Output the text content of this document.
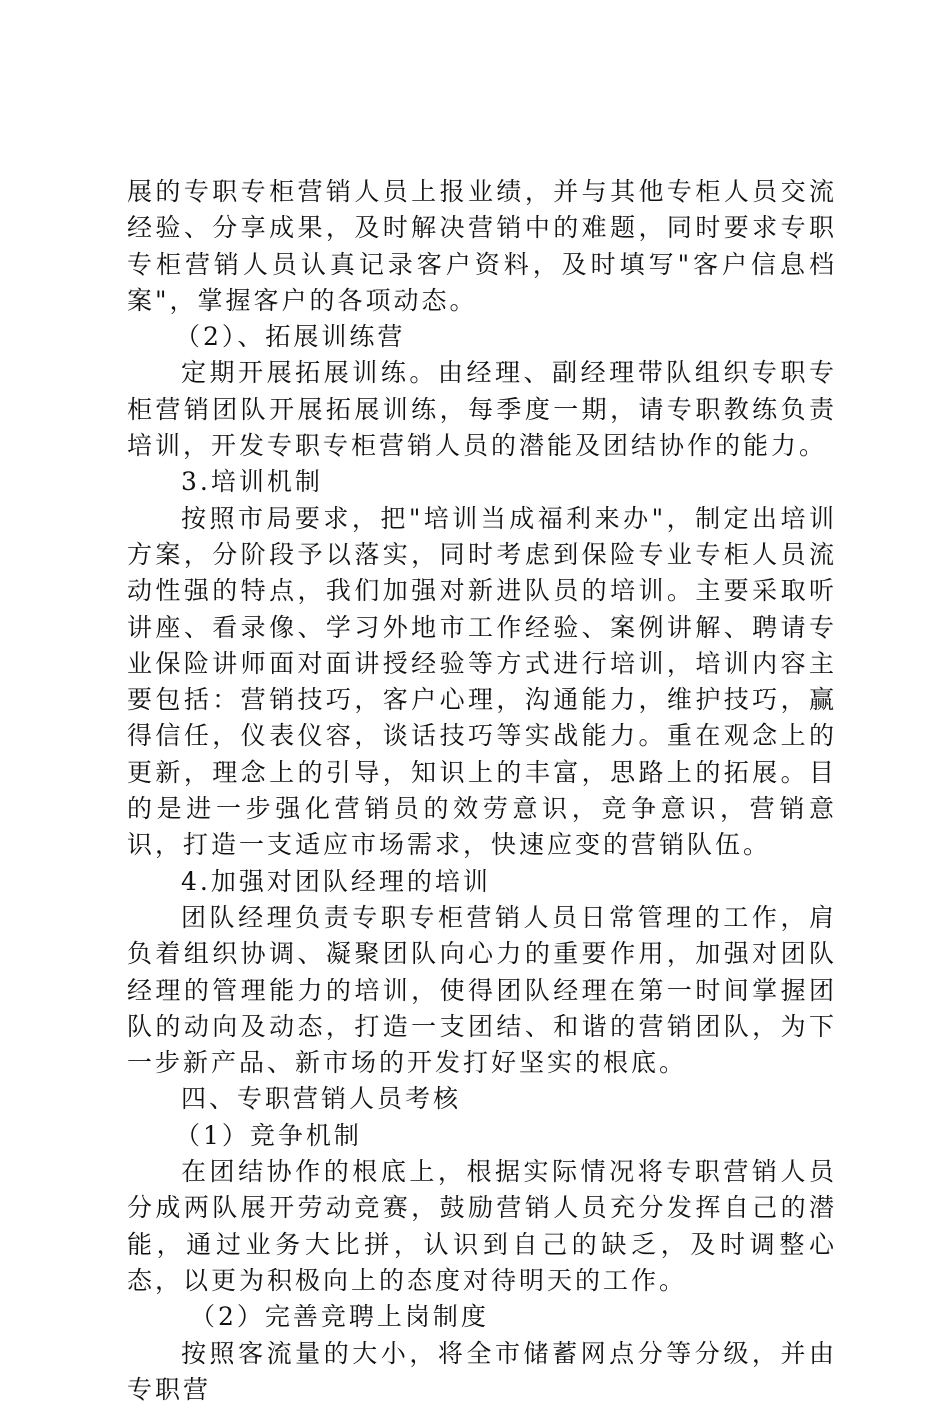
展的专职专柜营销人员上报业绩，并与其他专柜人员交流经验、分享成果，及时解决营销中的难题，同时要求专职专柜营销人员认真记录客户资料，及时填写"客户信息档案"，掌握客户的各项动态。

（2）、拓展训练营

定期开展拓展训练。由经理、副经理带队组织专职专柜营销团队开展拓展训练，每季度一期，请专职教练负责培训，开发专职专柜营销人员的潜能及团结协作的能力。

3.培训机制

按照市局要求，把"培训当成福利来办"，制定出培训方案，分阶段予以落实，同时考虑到保险专业专柜人员流动性强的特点，我们加强对新进队员的培训。主要采取听讲座、看录像、学习外地市工作经验、案例讲解、聘请专业保险讲师面对面讲授经验等方式进行培训，培训内容主要包括：营销技巧，客户心理，沟通能力，维护技巧，赢得信任，仪表仪容，谈话技巧等实战能力。重在观念上的更新，理念上的引导，知识上的丰富，思路上的拓展。目的是进一步强化营销员的效劳意识，竞争意识，营销意识，打造一支适应市场需求，快速应变的营销队伍。

4.加强对团队经理的培训

团队经理负责专职专柜营销人员日常管理的工作，肩负着组织协调、凝聚团队向心力的重要作用，加强对团队经理的管理能力的培训，使得团队经理在第一时间掌握团队的动向及动态，打造一支团结、和谐的营销团队，为下一步新产品、新市场的开发打好坚实的根底。

四、专职营销人员考核

（1）竞争机制

在团结协作的根底上，根据实际情况将专职营销人员分成两队展开劳动竞赛，鼓励营销人员充分发挥自己的潜能，通过业务大比拼，认识到自己的缺乏，及时调整心态，以更为积极向上的态度对待明天的工作。

（2）完善竞聘上岗制度

按照客流量的大小，将全市储蓄网点分等分级，并由专职营
